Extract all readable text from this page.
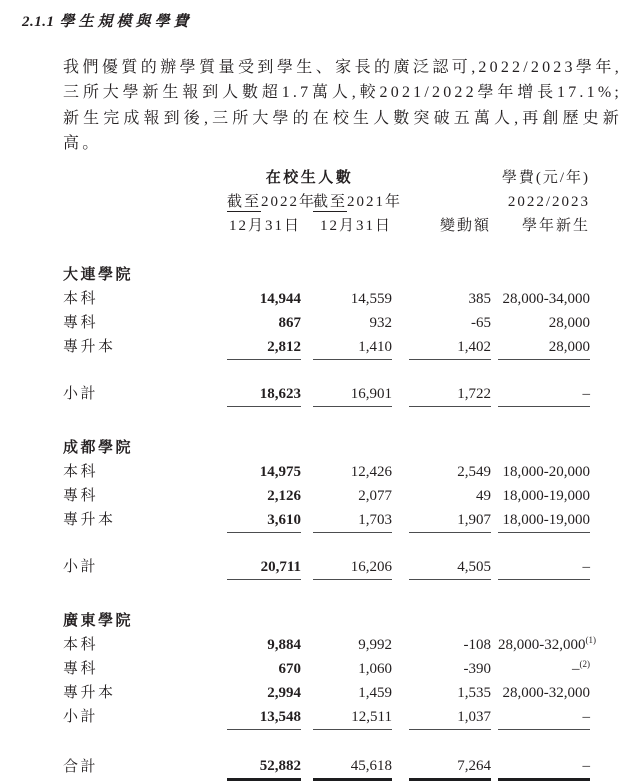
2.1.1 學生規模與學費

我們優質的辦學質量受到學生、家長的廣泛認可,2022/2023學年,三所大學新生報到人數超1.7萬人,較2021/2022學年增長17.1%;新生完成報到後,三所大學的在校生人數突破五萬人,再創歷史新高。

	在校生人數						學費(元/年)
	截至2022年		截至2021年				2022/2023
	12月31日		12月31日		變動額		學年新生

大連學院							
本科	14,944		14,559		385		28,000-34,000
專科	867		932		-65		28,000
專升本	2,812		1,410		1,402		28,000

小計	18,623		16,901		1,722		–

成都學院							
本科	14,975		12,426		2,549		18,000-20,000
專科	2,126		2,077		49		18,000-19,000
專升本	3,610		1,703		1,907		18,000-19,000

小計	20,711		16,206		4,505		–

廣東學院							
本科	9,884		9,992		-108		28,000-32,000$^{(1)}$
專科	670		1,060		-390		–$^{(2)}$
專升本	2,994		1,459		1,535		28,000-32,000
小計	13,548		12,511		1,037		–

合計	52,882		45,618		7,264		–
